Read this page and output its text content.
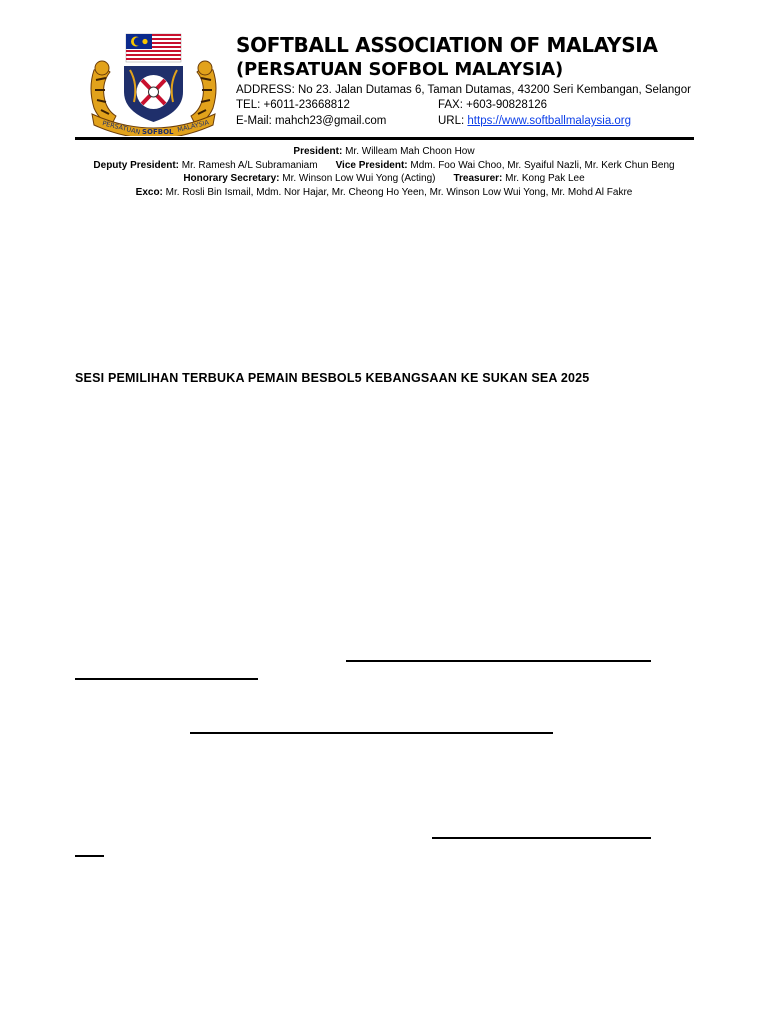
PERSATUAN SOFBOL MALAYSIA
SOFTBALL ASSOCIATION OF MALAYSIA
(PERSATUAN SOFBOL MALAYSIA)
ADDRESS: No 23. Jalan Dutamas 6, Taman Dutamas, 43200 Seri Kembangan, Selangor
TEL: +6011-23668812	FAX: +603-90828126
E-Mail: mahch23@gmail.com	URL: https://www.softballmalaysia.org
President: Mr. Willeam Mah Choon How
Deputy President: Mr. Ramesh A/L Subramaniam Vice President: Mdm. Foo Wai Choo, Mr. Syaiful Nazli, Mr. Kerk Chun Beng
Honorary Secretary: Mr. Winson Low Wui Yong (Acting) Treasurer: Mr. Kong Pak Lee
Exco: Mr. Rosli Bin Ismail, Mdm. Nor Hajar, Mr. Cheong Ho Yeen, Mr. Winson Low Wui Yong, Mr. Mohd Al Fakre
SESI PEMILIHAN TERBUKA PEMAIN BESBOL5 KEBANGSAAN KE SUKAN SEA 2025
